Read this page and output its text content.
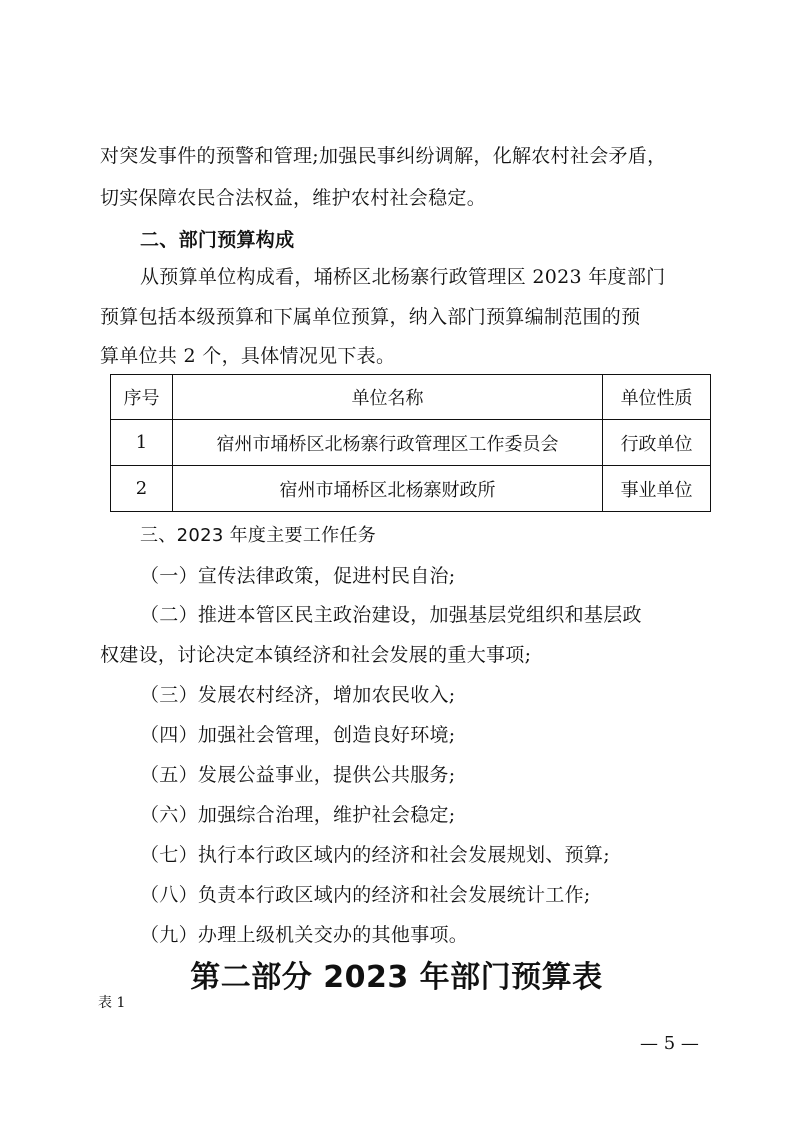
对突发事件的预警和管理;加强民事纠纷调解，化解农村社会矛盾，
切实保障农民合法权益，维护农村社会稳定。
二、部门预算构成
从预算单位构成看，埇桥区北杨寨行政管理区 2023 年度部门
预算包括本级预算和下属单位预算，纳入部门预算编制范围的预
算单位共 2 个，具体情况见下表。
序号	单位名称	单位性质
1	宿州市埇桥区北杨寨行政管理区工作委员会	行政单位
2	宿州市埇桥区北杨寨财政所	事业单位
三、2023 年度主要工作任务
（一）宣传法律政策，促进村民自治;
（二）推进本管区民主政治建设，加强基层党组织和基层政
权建设，讨论决定本镇经济和社会发展的重大事项;
（三）发展农村经济，增加农民收入;
（四）加强社会管理，创造良好环境;
（五）发展公益事业，提供公共服务;
（六）加强综合治理，维护社会稳定;
（七）执行本行政区域内的经济和社会发展规划、预算;
（八）负责本行政区域内的经济和社会发展统计工作;
（九）办理上级机关交办的其他事项。
第二部分 2023 年部门预算表
表 1
— 5 —
